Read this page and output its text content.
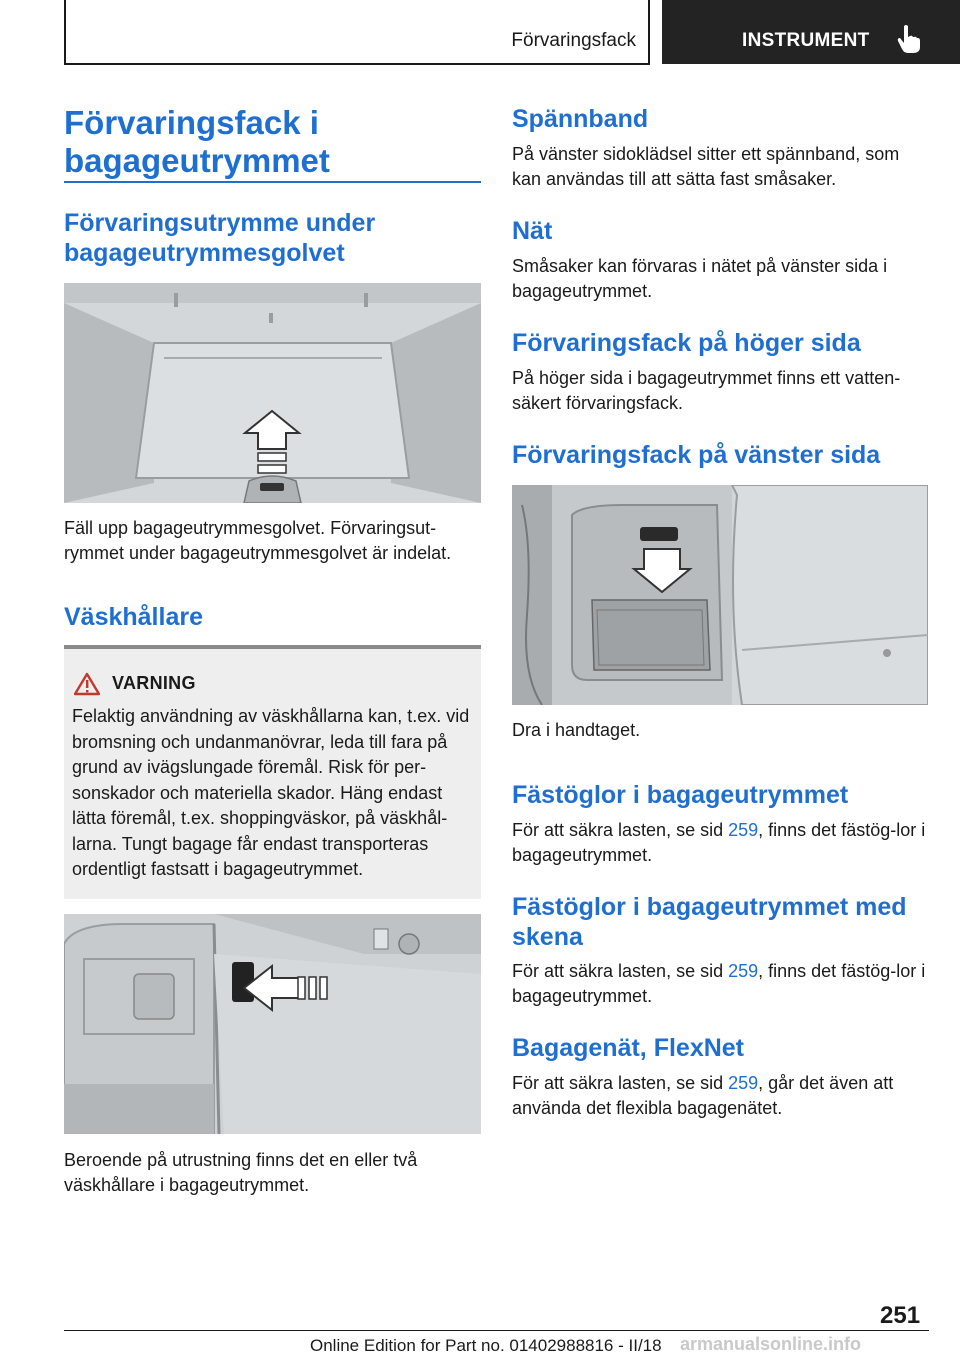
Förvaringsfack	INSTRUMENT
Förvaringsfack i bagageutrymmet
Förvaringsutrymme under bagageutrymmesgolvet

Fäll upp bagageutrymmesgolvet. Förvaringsut-rymmet under bagageutrymmesgolvet är indelat.

Väskhållare
VARNING

Felaktig användning av väskhållarna kan, t.ex. vid bromsning och undanmanövrar, leda till fara på grund av ivägslungade föremål. Risk för per-sonskador och materiella skador. Häng endast lätta föremål, t.ex. shoppingväskor, på väskhål-larna. Tungt bagage får endast transporteras ordentligt fastsatt i bagageutrymmet.

Beroende på utrustning finns det en eller två väskhållare i bagageutrymmet.

Spännband

På vänster sidoklädsel sitter ett spännband, som kan användas till att sätta fast småsaker.

Nät

Småsaker kan förvaras i nätet på vänster sida i bagageutrymmet.

Förvaringsfack på höger sida

På höger sida i bagageutrymmet finns ett vatten-säkert förvaringsfack.

Förvaringsfack på vänster sida

Dra i handtaget.

Fästöglor i bagageutrymmet

För att säkra lasten, se sid 259, finns det fästög-lor i bagageutrymmet.

Fästöglor i bagageutrymmet med skena

För att säkra lasten, se sid 259, finns det fästög-lor i bagageutrymmet.

Bagagenät, FlexNet

För att säkra lasten, se sid 259, går det även att använda det flexibla bagagenätet.

251
Online Edition for Part no. 01402988816 - II/18 armanualsonline.info
